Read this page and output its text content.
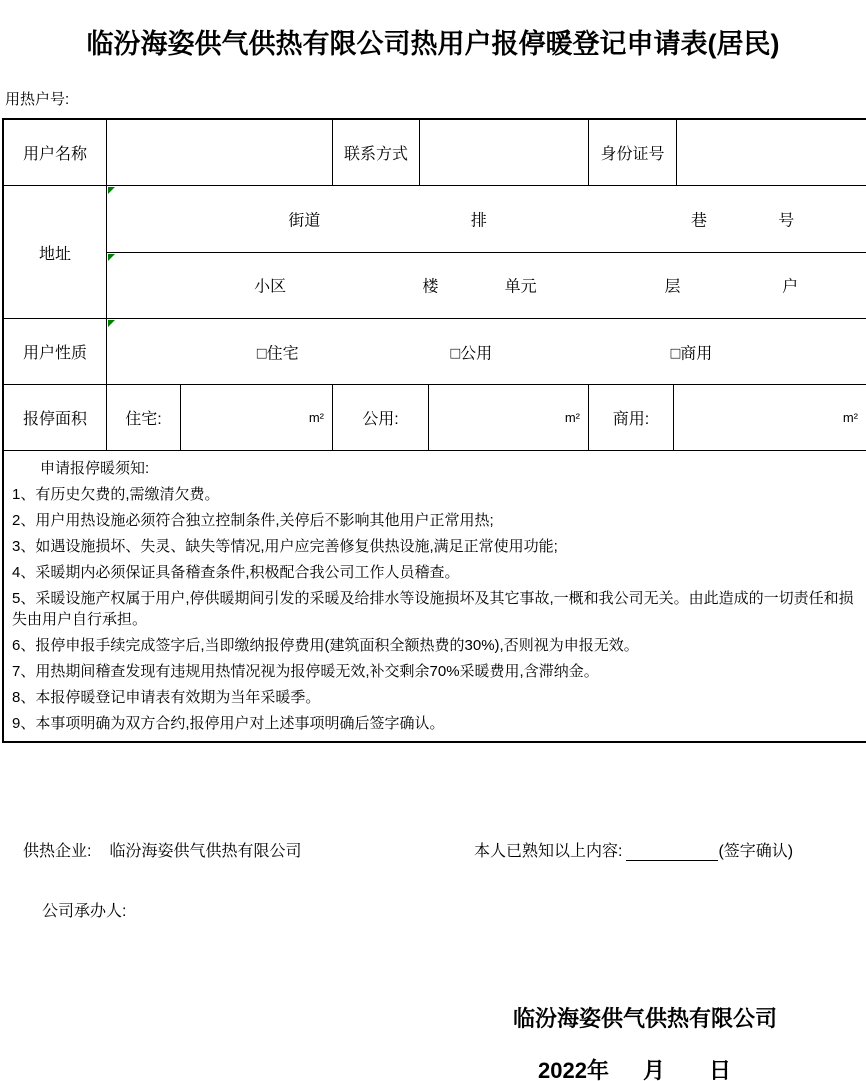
临汾海姿供气供热有限公司热用户报停暖登记申请表(居民)
用热户号:
用户名称	联系方式	身份证号
地址
街道	排	巷	号
小区	楼	单元	层	户
用户性质	□住宅	□公用	□商用
报停面积	住宅:	m²	公用:	m²	商用:	m²

申请报停暖须知:

1、有历史欠费的,需缴清欠费。

2、用户用热设施必须符合独立控制条件,关停后不影响其他用户正常用热;

3、如遇设施损坏、失灵、缺失等情况,用户应完善修复供热设施,满足正常使用功能;

4、采暖期内必须保证具备稽查条件,积极配合我公司工作人员稽查。

5、采暖设施产权属于用户,停供暖期间引发的采暖及给排水等设施损坏及其它事故,一概和我公司无关。由此造成的一切责任和损失由用户自行承担。

6、报停申报手续完成签字后,当即缴纳报停费用(建筑面积全额热费的30%),否则视为申报无效。

7、用热期间稽查发现有违规用热情况视为报停暖无效,补交剩余70%采暖费用,含滞纳金。

8、本报停暖登记申请表有效期为当年采暖季。

9、本事项明确为双方合约,报停用户对上述事项明确后签字确认。

供热企业: 临汾海姿供气供热有限公司	本人已熟知以上内容:	(签字确认)
公司承办人:
临汾海姿供气供热有限公司
2022年 月 日
